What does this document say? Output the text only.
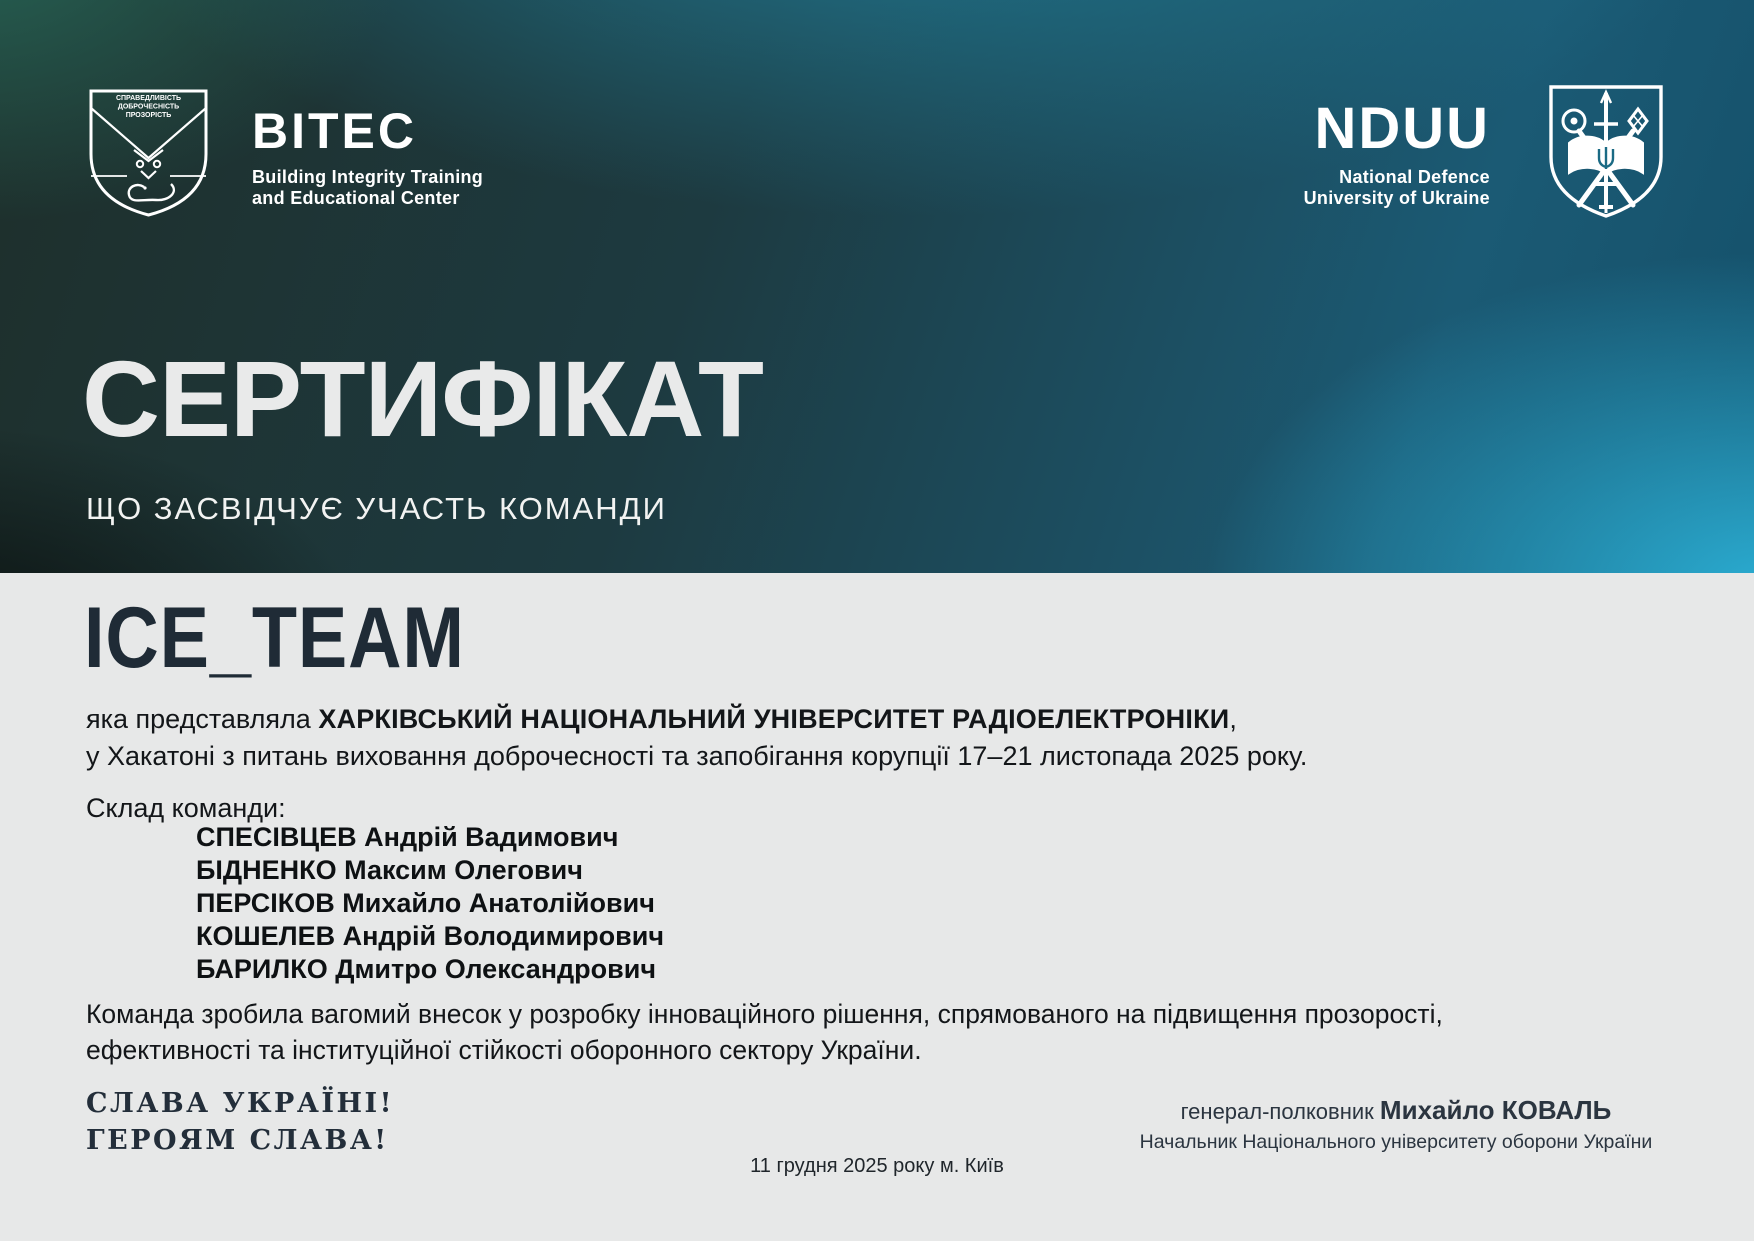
СПРАВЕДЛИВІСТЬ
ДОБРОЧЕСНІСТЬ
ПРОЗОРІСТЬ BITEC
Building Integrity Training
and Educational Center
NDUU
National Defence
University of Ukraine
СЕРТИФІКАТ
ЩО ЗАСВІДЧУЄ УЧАСТЬ КОМАНДИ
ICE_TEAM
яка представляла ХАРКІВСЬКИЙ НАЦІОНАЛЬНИЙ УНІВЕРСИТЕТ РАДІОЕЛЕКТРОНІКИ,
у Хакатоні з питань виховання доброчесності та запобігання корупції 17–21 листопада 2025 року.
Склад команди:
СПЕСІВЦЕВ Андрій Вадимович
БІДНЕНКО Максим Олегович
ПЕРСІКОВ Михайло Анатолійович
КОШЕЛЕВ Андрій Володимирович
БАРИЛКО Дмитро Олександрович
Команда зробила вагомий внесок у розробку інноваційного рішення, спрямованого на підвищення прозорості,
ефективності та інституційної стійкості оборонного сектору України.
СЛАВА УКРАЇНІ!
ГЕРОЯМ СЛАВА!
генерал-полковник Михайло КОВАЛЬ
Начальник Національного університету оборони України
11 грудня 2025 року м. Київ
